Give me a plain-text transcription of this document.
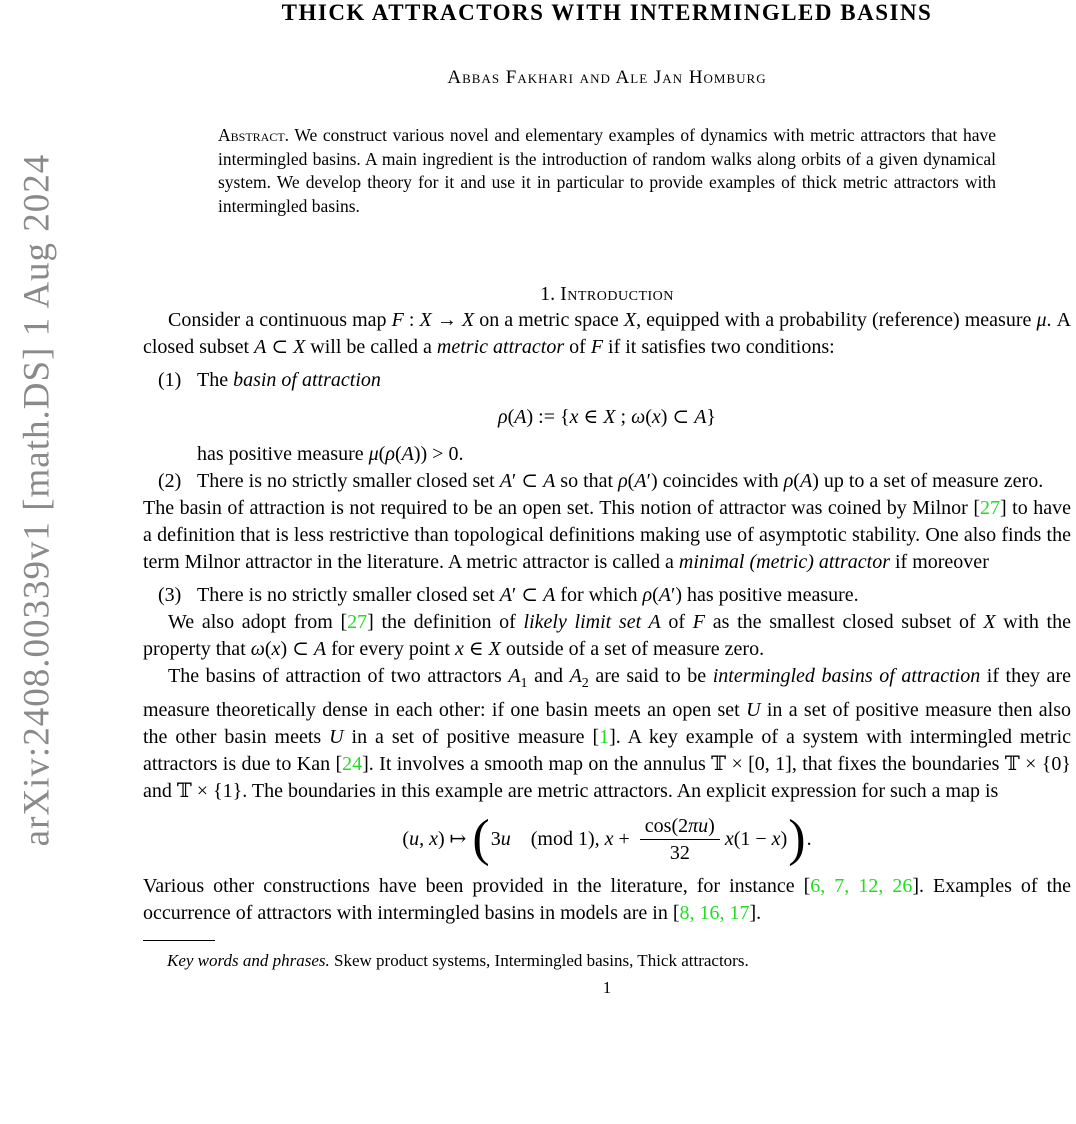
arXiv:2408.00339v1 [math.DS] 1 Aug 2024
THICK ATTRACTORS WITH INTERMINGLED BASINS
Abbas Fakhari and Ale Jan Homburg
Abstract. We construct various novel and elementary examples of dynamics with metric attractors that have intermingled basins. A main ingredient is the introduction of random walks along orbits of a given dynamical system. We develop theory for it and use it in particular to provide examples of thick metric attractors with intermingled basins.
1. Introduction

Consider a continuous map F : X → X on a metric space X, equipped with a probability (reference) measure μ. A closed subset A ⊂ X will be called a metric attractor of F if it satisfies two conditions:

(1) The basin of attraction
ρ(A) := {x ∈ X ; ω(x) ⊂ A}
has positive measure μ(ρ(A)) > 0.
(2) There is no strictly smaller closed set A′ ⊂ A so that ρ(A′) coincides with ρ(A) up to a set of measure zero.

The basin of attraction is not required to be an open set. This notion of attractor was coined by Milnor [27] to have a definition that is less restrictive than topological definitions making use of asymptotic stability. One also finds the term Milnor attractor in the literature. A metric attractor is called a minimal (metric) attractor if moreover

(3) There is no strictly smaller closed set A′ ⊂ A for which ρ(A′) has positive measure.

We also adopt from [27] the definition of likely limit set A of F as the smallest closed subset of X with the property that ω(x) ⊂ A for every point x ∈ X outside of a set of measure zero.

The basins of attraction of two attractors $A_1$ and $A_2$ are said to be intermingled basins of attraction if they are measure theoretically dense in each other: if one basin meets an open set U in a set of positive measure then also the other basin meets U in a set of positive measure [1]. A key example of a system with intermingled metric attractors is due to Kan [24]. It involves a smooth map on the annulus 𝕋 × [0, 1], that fixes the boundaries 𝕋 × {0} and 𝕋 × {1}. The boundaries in this example are metric attractors. An explicit expression for such a map is

(u, x) ↦ ( 3u  (mod 1), $x + \frac{\cos(2\pi u)}{32} x(1 - x)$ ) .

Various other constructions have been provided in the literature, for instance [6, 7, 12, 26]. Examples of the occurrence of attractors with intermingled basins in models are in [8, 16, 17].

Key words and phrases. Skew product systems, Intermingled basins, Thick attractors.

1
